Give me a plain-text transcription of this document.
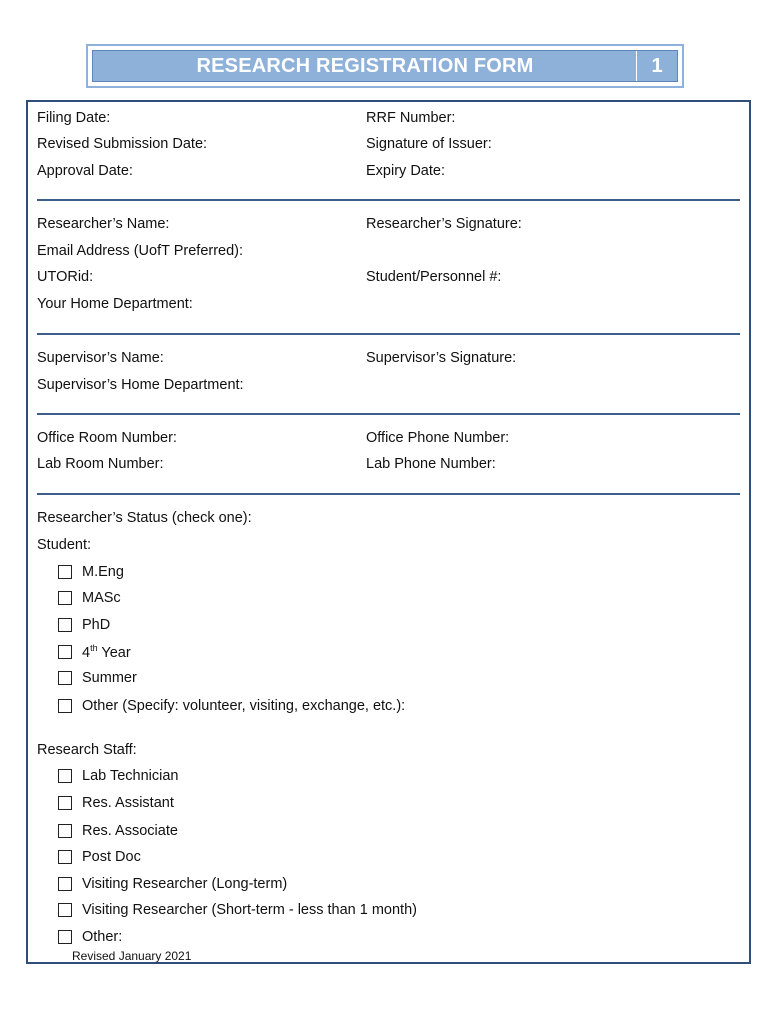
RESEARCH REGISTRATION FORM	1
Filing Date:	RRF Number:
Revised Submission Date:	Signature of Issuer:
Approval Date:	Expiry Date:
Researcher’s Name:	Researcher’s Signature:
Email Address (UofT Preferred):
UTORid:	Student/Personnel #:
Your Home Department:
Supervisor’s Name:	Supervisor’s Signature:
Supervisor’s Home Department:
Office Room Number:	Office Phone Number:
Lab Room Number:	Lab Phone Number:
Researcher’s Status (check one):
Student:
M.Eng
MASc
PhD
4th Year
Summer
Other (Specify: volunteer, visiting, exchange, etc.):
Research Staff:
Lab Technician
Res. Assistant
Res. Associate
Post Doc
Visiting Researcher (Long-term)
Visiting Researcher (Short-term - less than 1 month)
Other:
Revised January 2021
